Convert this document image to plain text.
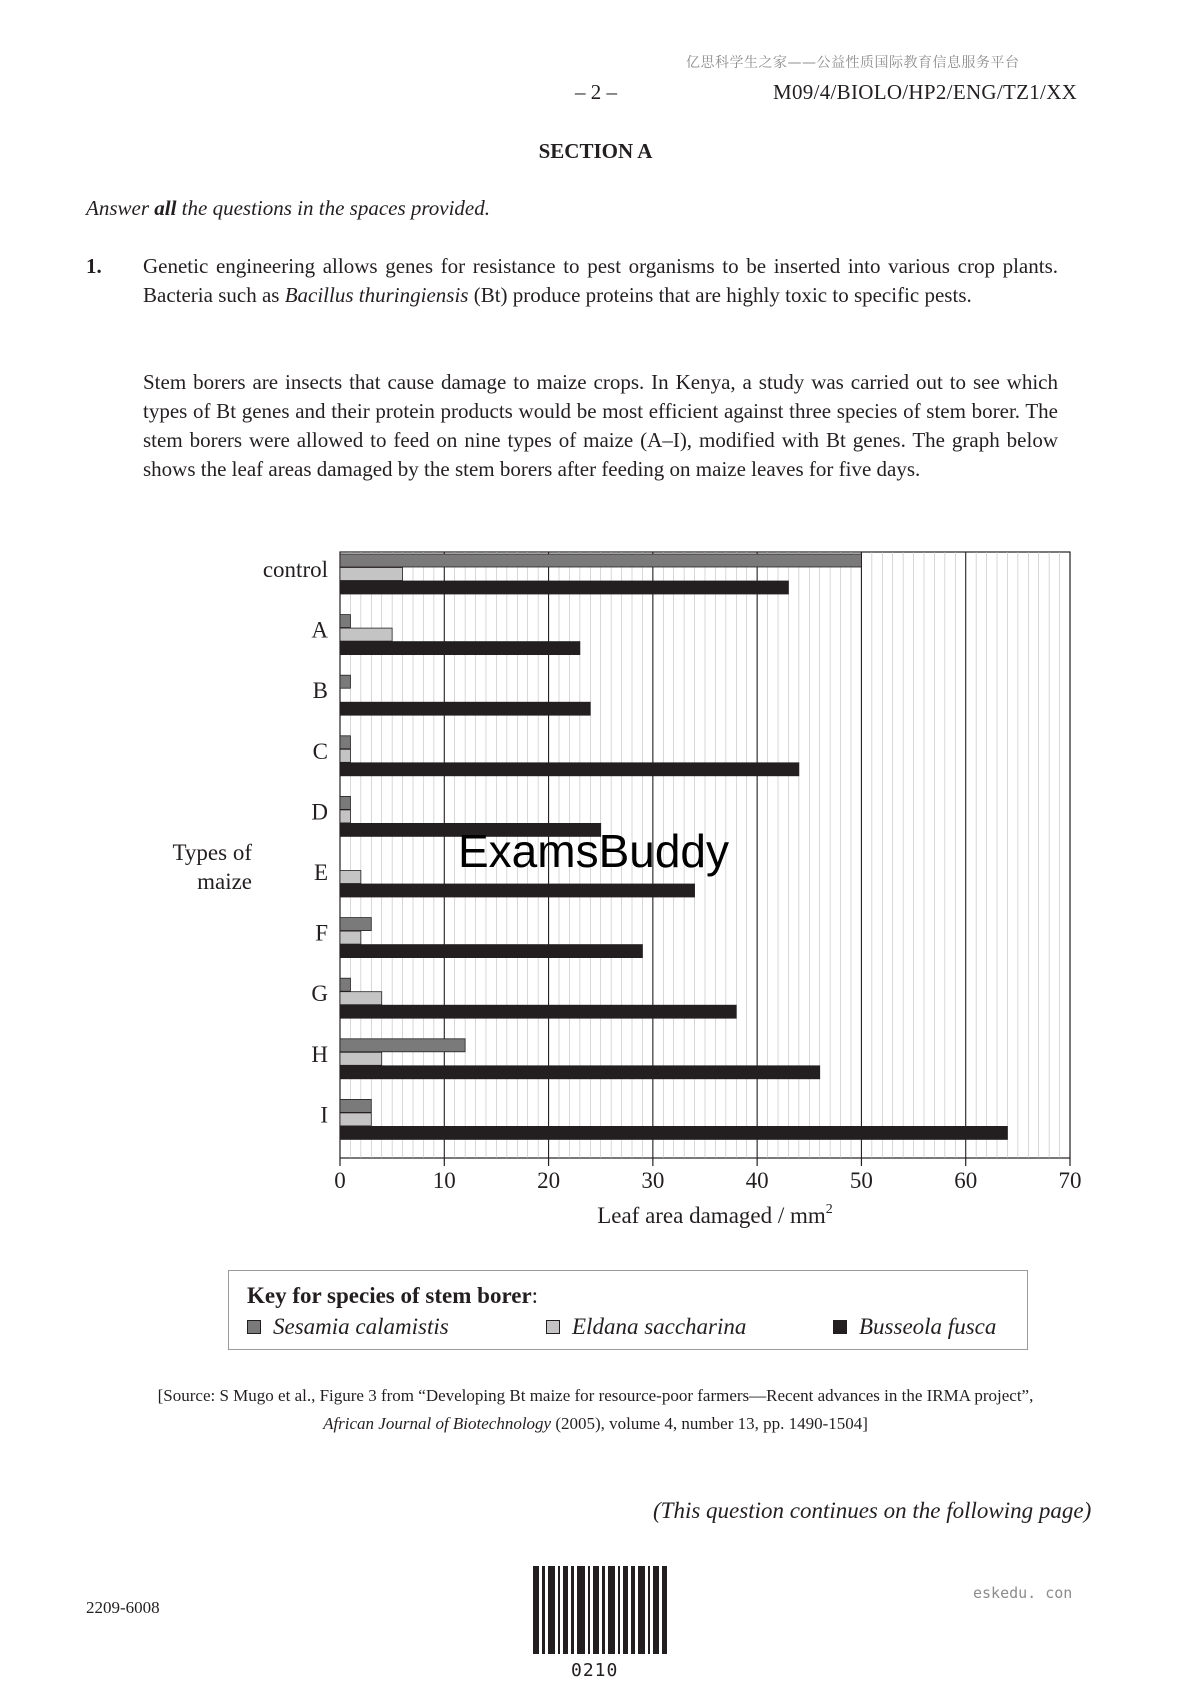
亿思科学生之家——公益性质国际教育信息服务平台
– 2 –	M09/4/BIOLO/HP2/ENG/TZ1/XX
SECTION A
Answer all the questions in the spaces provided.
1. Genetic engineering allows genes for resistance to pest organisms to be inserted into various crop plants. Bacteria such as Bacillus thuringiensis (Bt) produce proteins that are highly toxic to specific pests.
Stem borers are insects that cause damage to maize crops. In Kenya, a study was carried out to see which types of Bt genes and their protein products would be most efficient against three species of stem borer. The stem borers were allowed to feed on nine types of maize (A–I), modified with Bt genes. The graph below shows the leaf areas damaged by the stem borers after feeding on maize leaves for five days.
control
A
B
C
D
E
F
G
H
I
0	10	20	30	40	50	60	70
Types of
maize
Leaf area damaged / $mm^2$
ExamsBuddy
Key for species of stem borer:
Sesamia calamistis	Eldana saccharina	Busseola fusca
[Source: S Mugo et al., Figure 3 from “Developing Bt maize for resource-poor farmers—Recent advances in the IRMA project”,
African Journal of Biotechnology (2005), volume 4, number 13, pp. 1490-1504]
(This question continues on the following page)
2209-6008
0210
eskedu. con
